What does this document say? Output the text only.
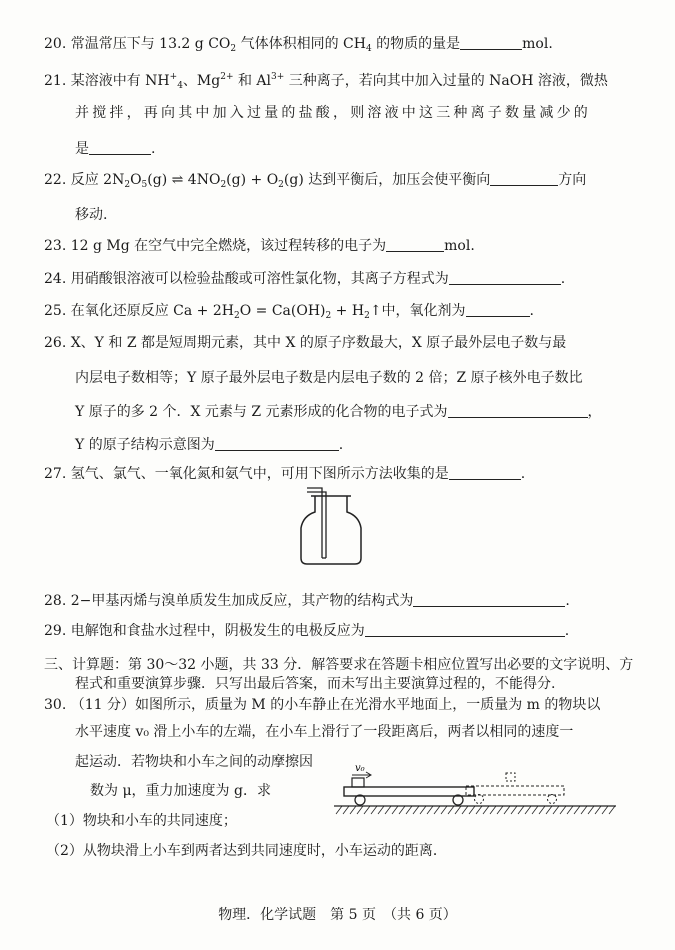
20. 常温常压下与 13.2 g $CO_2$ 气体体积相同的 $CH_4$ 的物质的量是	mol.
21. 某溶液中有 $NH^+_4$、$Mg^{2+}$ 和 $Al^{3+}$ 三种离子，若向其中加入过量的 NaOH 溶液，微热
并搅拌，再向其中加入过量的盐酸，则溶液中这三种离子数量减少的
是	.
22. 反应 $2N_2O_5(g)$ ⇌ $4NO_2(g) + O_2(g)$ 达到平衡后，加压会使平衡向	方向
移动.
23. 12 g Mg 在空气中完全燃烧，该过程转移的电子为	mol.
24. 用硝酸银溶液可以检验盐酸或可溶性氯化物，其离子方程式为	.
25. 在氧化还原反应 $Ca + 2H_2O = Ca(OH)_2$ + $H_2↑$中，氧化剂为	.
26. X、Y 和 Z 都是短周期元素，其中 X 的原子序数最大，X 原子最外层电子数与最
内层电子数相等；Y 原子最外层电子数是内层电子数的 2 倍；Z 原子核外电子数比
Y 原子的多 2 个．X 元素与 Z 元素形成的化合物的电子式为	，
Y 的原子结构示意图为	.
27. 氢气、氯气、一氧化氮和氨气中，可用下图所示方法收集的是	.
28. 2−甲基丙烯与溴单质发生加成反应，其产物的结构式为	.
29. 电解饱和食盐水过程中，阴极发生的电极反应为	.
三、计算题：第 30～32 小题，共 33 分．解答要求在答题卡相应位置写出必要的文字说明、方
程式和重要演算步骤．只写出最后答案，而未写出主要演算过程的，不能得分.
30. （11 分）如图所示，质量为 M 的小车静止在光滑水平地面上，一质量为 m 的物块以
水平速度 v₀ 滑上小车的左端，在小车上滑行了一段距离后，两者以相同的速度一
起运动．若物块和小车之间的动摩擦因
数为 μ，重力加速度为 g．求
v₀
（1）物块和小车的共同速度；
（2）从物块滑上小车到两者达到共同速度时，小车运动的距离．
物理．化学试题　第 5 页　（共 6 页）
